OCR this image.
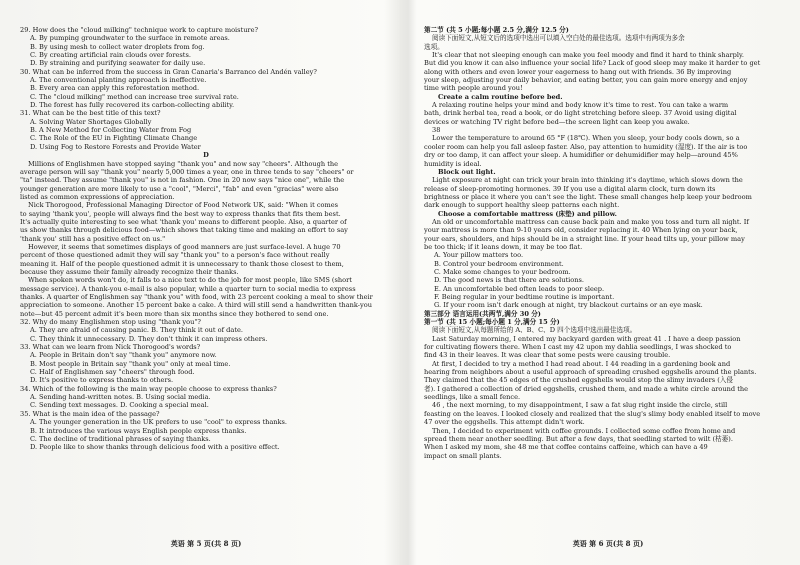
29. How does the "cloud milking" technique work to capture moisture?
A. By pumping groundwater to the surface in remote areas.
B. By using mesh to collect water droplets from fog.
C. By creating artificial rain clouds over forests.
D. By straining and purifying seawater for daily use.
30. What can be inferred from the success in Gran Canaria's Barranco del Andén valley?
A. The conventional planting approach is ineffective.
B. Every area can apply this reforestation method.
C. The "cloud milking" method can increase tree survival rate.
D. The forest has fully recovered its carbon-collecting ability.
31. What can be the best title of this text?
A. Solving Water Shortages Globally
B. A New Method for Collecting Water from Fog
C. The Role of the EU in Fighting Climate Change
D. Using Fog to Restore Forests and Provide Water
D
Millions of Englishmen have stopped saying "thank you" and now say "cheers". Although the
average person will say "thank you" nearly 5,000 times a year, one in three tends to say "cheers" or
"ta" instead. They assume "thank you" is not in fashion. One in 20 now says "nice one", while the
younger generation are more likely to use a "cool", "Merci", "fab" and even "gracias" were also
listed as common expressions of appreciation.
Nick Thorogood, Professional Managing Director of Food Network UK, said: "When it comes
to saying 'thank you', people will always find the best way to express thanks that fits them best.
It's actually quite interesting to see what 'thank you' means to different people. Also, a quarter of
us show thanks through delicious food—which shows that taking time and making an effort to say
'thank you' still has a positive effect on us."
However, it seems that sometimes displays of good manners are just surface-level. A huge 70
percent of those questioned admit they will say "thank you" to a person's face without really
meaning it. Half of the people questioned admit it is unnecessary to thank those closest to them,
because they assume their family already recognize their thanks.
When spoken words won't do, it falls to a nice text to do the job for most people, like SMS (short
message service). A thank-you e-mail is also popular, while a quarter turn to social media to express
thanks. A quarter of Englishmen say "thank you" with food, with 23 percent cooking a meal to show their
appreciation to someone. Another 15 percent bake a cake. A third will still send a handwritten thank-you
note—but 45 percent admit it's been more than six months since they bothered to send one.
32. Why do many Englishmen stop using "thank you"?
A. They are afraid of causing panic. B. They think it out of date.
C. They think it unnecessary. D. They don't think it can impress others.
33. What can we learn from Nick Thorogood's words?
A. People in Britain don't say "thank you" anymore now.
B. Most people in Britain say "thank you" only at meal time.
C. Half of Englishmen say "cheers" through food.
D. It's positive to express thanks to others.
34. Which of the following is the main way people choose to express thanks?
A. Sending hand-written notes. B. Using social media.
C. Sending text messages. D. Cooking a special meal.
35. What is the main idea of the passage?
A. The younger generation in the UK prefers to use "cool" to express thanks.
B. It introduces the various ways English people express thanks.
C. The decline of traditional phrases of saying thanks.
D. People like to show thanks through delicious food with a positive effect.
英语 第 5 页(共 8 页)
第二节 (共 5 小题;每小题 2.5 分,满分 12.5 分)
阅读下面短文,从短文后的选项中选出可以填入空白处的最佳选项。选项中有两项为多余
选项。
It's clear that not sleeping enough can make you feel moody and find it hard to think sharply.
But did you know it can also influence your social life? Lack of good sleep may make it harder to get
along with others and even lower your eagerness to hang out with friends. 36 By improving
your sleep, adjusting your daily behavior, and eating better, you can gain more energy and enjoy
time with people around you!
Create a calm routine before bed.
A relaxing routine helps your mind and body know it's time to rest. You can take a warm
bath, drink herbal tea, read a book, or do light stretching before sleep. 37 Avoid using digital
devices or watching TV right before bed—the screen light can keep you awake.
38
Lower the temperature to around 65 °F (18℃). When you sleep, your body cools down, so a
cooler room can help you fall asleep faster. Also, pay attention to humidity (湿度). If the air is too
dry or too damp, it can affect your sleep. A humidifier or dehumidifier may help—around 45%
humidity is ideal.
Block out light.
Light exposure at night can trick your brain into thinking it's daytime, which slows down the
release of sleep-promoting hormones. 39 If you use a digital alarm clock, turn down its
brightness or place it where you can't see the light. These small changes help keep your bedroom
dark enough to support healthy sleep patterns each night.
Choose a comfortable mattress (床垫) and pillow.
An old or uncomfortable mattress can cause back pain and make you toss and turn all night. If
your mattress is more than 9-10 years old, consider replacing it. 40 When lying on your back,
your ears, shoulders, and hips should be in a straight line. If your head tilts up, your pillow may
be too thick; if it leans down, it may be too flat.
A. Your pillow matters too.
B. Control your bedroom environment.
C. Make some changes to your bedroom.
D. The good news is that there are solutions.
E. An uncomfortable bed often leads to poor sleep.
F. Being regular in your bedtime routine is important.
G. If your room isn't dark enough at night, try blackout curtains or an eye mask.
第三部分 语言运用(共两节,满分 30 分)
第一节 (共 15 小题;每小题 1 分,满分 15 分)
阅读下面短文,从每题所给的 A、B、C、D 四个选项中选出最佳选项。
Last Saturday morning, I entered my backyard garden with great 41 . I have a deep passion
for cultivating flowers there. When I cast my 42 upon my dahlia seedlings, I was shocked to
find 43 in their leaves. It was clear that some pests were causing trouble.
At first, I decided to try a method I had read about. I 44 reading in a gardening book and
hearing from neighbors about a useful approach of spreading crushed eggshells around the plants.
They claimed that the 45 edges of the crushed eggshells would stop the slimy invaders (入侵
者). I gathered a collection of dried eggshells, crushed them, and made a white circle around the
seedlings, like a small fence.
46 , the next morning, to my disappointment, I saw a fat slug right inside the circle, still
feasting on the leaves. I looked closely and realized that the slug's slimy body enabled itself to move
47 over the eggshells. This attempt didn't work.
Then, I decided to experiment with coffee grounds. I collected some coffee from home and
spread them near another seedling. But after a few days, that seedling started to wilt (枯萎).
When I asked my mom, she 48 me that coffee contains caffeine, which can have a 49
impact on small plants.
英语 第 6 页(共 8 页)
